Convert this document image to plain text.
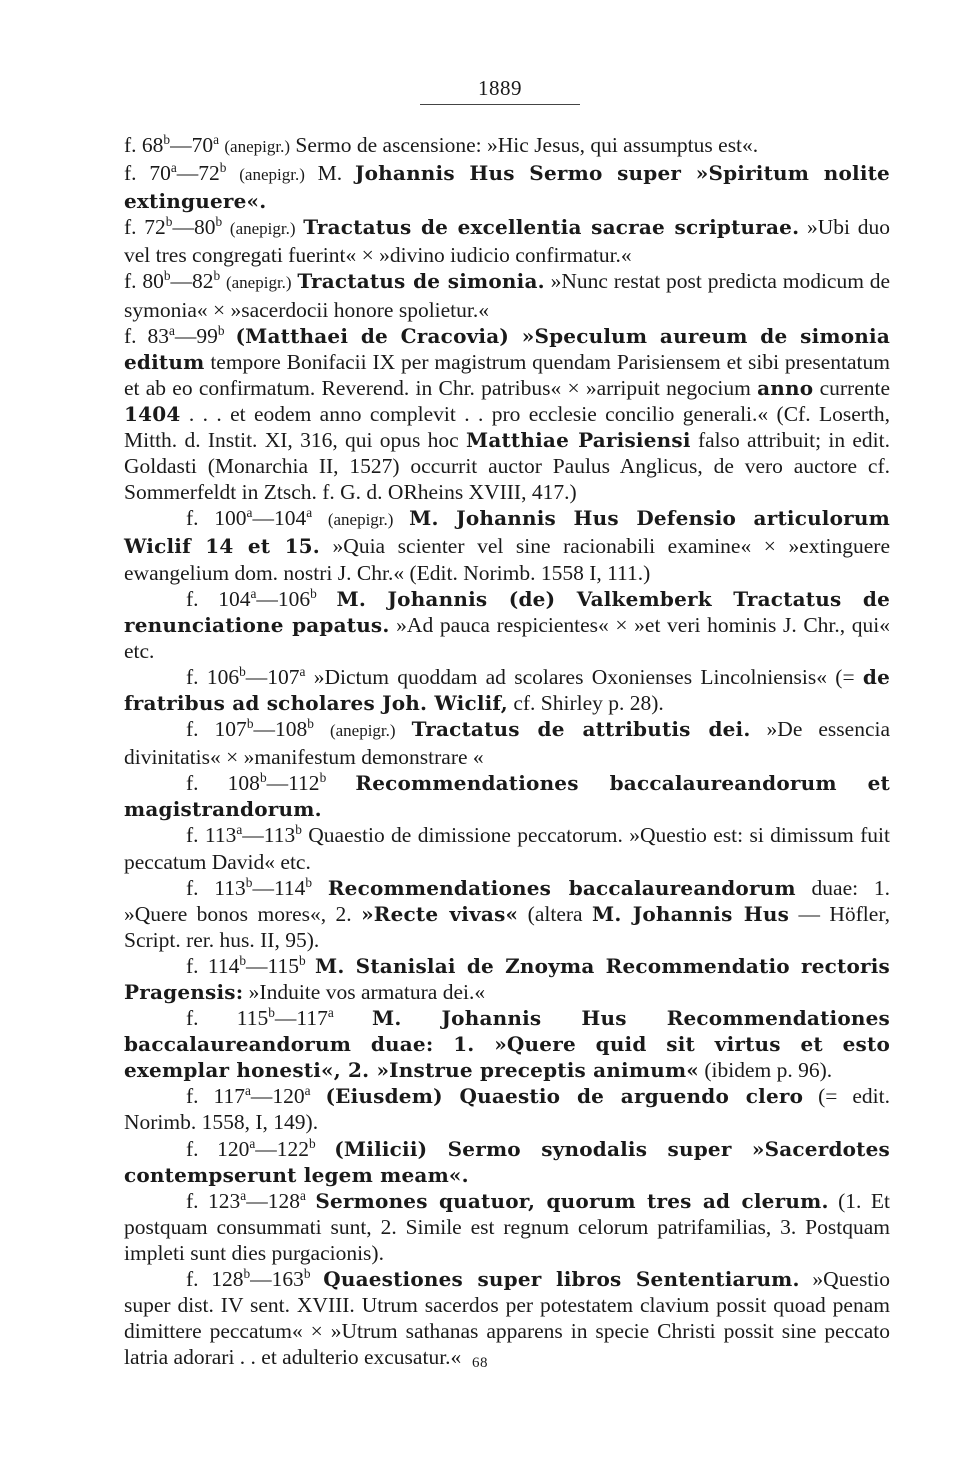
1889
f. 68$^b$—70$^a$ (anepigr.) Sermo de ascensione: »Hic Jesus, qui assumptus est«.
f. 70$^a$—72$^b$ (anepigr.) M. Johannis Hus Sermo super »Spiritum nolite extinguere«.
f. 72$^b$—80$^b$ (anepigr.) Tractatus de excellentia sacrae scripturae. »Ubi duo vel tres congregati fuerint« × »divino iudicio confirmatur.«
f. 80$^b$—82$^b$ (anepigr.) Tractatus de simonia. »Nunc restat post predicta modicum de symonia« × »sacerdocii honore spolietur.«
f. 83$^a$—99$^b$ (Matthaei de Cracovia) »Speculum aureum de simonia editum tempore Bonifacii IX per magistrum quendam Parisiensem et sibi presentatum et ab eo confirmatum. Reverend. in Chr. patribus« × »arripuit negocium anno currente 1404 . . . et eodem anno complevit . . pro ecclesie concilio generali.« (Cf. Loserth, Mitth. d. Instit. XI, 316, qui opus hoc Matthiae Parisiensi falso attribuit; in edit. Goldasti (Monarchia II, 1527) occurrit auctor Paulus Anglicus, de vero auctore cf. Sommerfeldt in Ztsch. f. G. d. ORheins XVIII, 417.)
f. 100$^a$—104$^a$ (anepigr.) M. Johannis Hus Defensio articulorum Wiclif 14 et 15. »Quia scienter vel sine racionabili examine« × »extinguere ewangelium dom. nostri J. Chr.« (Edit. Norimb. 1558 I, 111.)
f. 104$^a$—106$^b$ M. Johannis (de) Valkemberk Tractatus de renunciatione papatus. »Ad pauca respicientes« × »et veri hominis J. Chr., qui« etc.
f. 106$^b$—107$^a$ »Dictum quoddam ad scolares Oxonienses Lincolniensis« (= de fratribus ad scholares Joh. Wiclif, cf. Shirley p. 28).
f. 107$^b$—108$^b$ (anepigr.) Tractatus de attributis dei. »De essencia divinitatis« × »manifestum demonstrare «
f. 108$^b$—112$^b$ Recommendationes baccalaureandorum et magistrandorum.
f. 113$^a$—113$^b$ Quaestio de dimissione peccatorum. »Questio est: si dimissum fuit peccatum David« etc.
f. 113$^b$—114$^b$ Recommendationes baccalaureandorum duae: 1. »Quere bonos mores«, 2. »Recte vivas« (altera M. Johannis Hus — Höfler, Script. rer. hus. II, 95).
f. 114$^b$—115$^b$ M. Stanislai de Znoyma Recommendatio rectoris Pragensis: »Induite vos armatura dei.«
f. 115$^b$—117$^a$ M. Johannis Hus Recommendationes baccalaureandorum duae: 1. »Quere quid sit virtus et esto exemplar honesti«, 2. »Instrue preceptis animum« (ibidem p. 96).
f. 117$^a$—120$^a$ (Eiusdem) Quaestio de arguendo clero (= edit. Norimb. 1558, I, 149).
f. 120$^a$—122$^b$ (Milicii) Sermo synodalis super »Sacerdotes contempserunt legem meam«.
f. 123$^a$—128$^a$ Sermones quatuor, quorum tres ad clerum. (1. Et postquam consummati sunt, 2. Simile est regnum celorum patrifamilias, 3. Postquam impleti sunt dies purgacionis).
f. 128$^b$—163$^b$ Quaestiones super libros Sententiarum. »Questio super dist. IV sent. XVIII. Utrum sacerdos per potestatem clavium possit quoad penam dimittere peccatum« × »Utrum sathanas apparens in specie Christi possit sine peccato latria adorari . . et adulterio excusatur.« 68
